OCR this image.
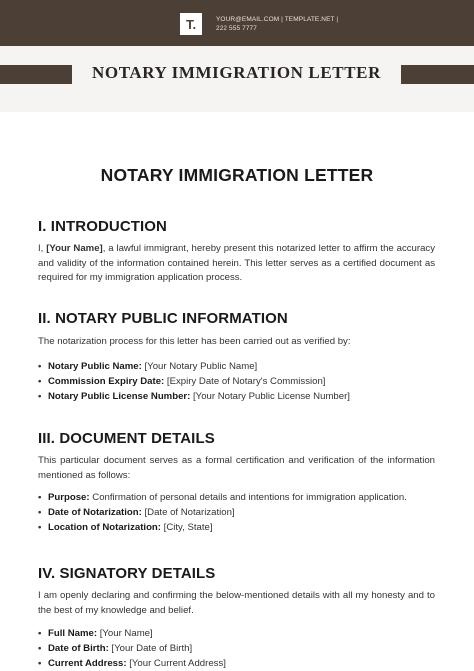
T.	YOUR@EMAIL.COM | TEMPLATE.NET |
222 555 7777
NOTARY IMMIGRATION LETTER
NOTARY IMMIGRATION LETTER
I. INTRODUCTION

I, [Your Name], a lawful immigrant, hereby present this notarized letter to affirm the accuracy and validity of the information contained herein. This letter serves as a certified document as required for my immigration application process.

II. NOTARY PUBLIC INFORMATION

The notarization process for this letter has been carried out as verified by:

• Notary Public Name: [Your Notary Public Name]
• Commission Expiry Date: [Expiry Date of Notary's Commission]
• Notary Public License Number: [Your Notary Public License Number]
III. DOCUMENT DETAILS

This particular document serves as a formal certification and verification of the information mentioned as follows:

• Purpose: Confirmation of personal details and intentions for immigration application.
• Date of Notarization: [Date of Notarization]
• Location of Notarization: [City, State]
IV. SIGNATORY DETAILS

I am openly declaring and confirming the below-mentioned details with all my honesty and to the best of my knowledge and belief.

• Full Name: [Your Name]
• Date of Birth: [Your Date of Birth]
• Current Address: [Your Current Address]
